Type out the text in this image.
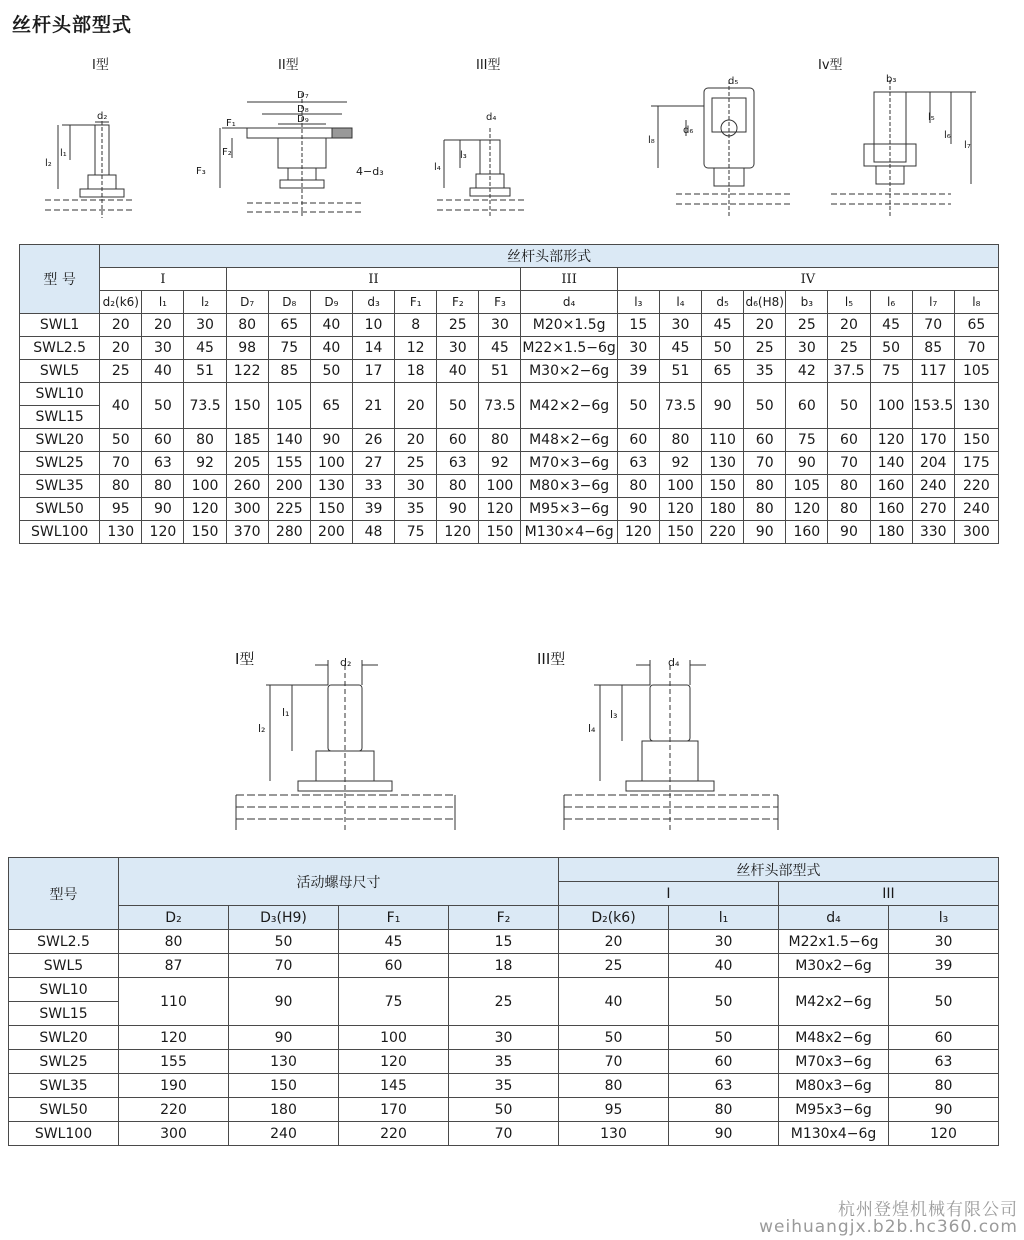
丝杆头部型式
I型	II型	III型	Iv型
d₂
l₁
l₂
D₇
D₈
D₉
F₁
F₂
F₃	4−d₃
d₄
l₃
l₄
d₅
d₆
l₈
b₃
l₅
l₆
l₇
型 号	丝杆头部形式																			
	I			II							III	IV								
	d₂(k6)	l₁	l₂	D₇	D₈	D₉	d₃	F₁	F₂	F₃	d₄	l₃	l₄	d₅	d₆(H8)	b₃	l₅	l₆	l₇	l₈
SWL1	20	20	30	80	65	40	10	8	25	30	M20×1.5g	15	30	45	20	25	20	45	70	65
SWL2.5	20	30	45	98	75	40	14	12	30	45	M22×1.5−6g	30	45	50	25	30	25	50	85	70
SWL5	25	40	51	122	85	50	17	18	40	51	M30×2−6g	39	51	65	35	42	37.5	75	117	105
SWL10	40	50	73.5	150	105	65	21	20	50	73.5	M42×2−6g	50	73.5	90	50	60	50	100	153.5	130
SWL15																				
SWL20	50	60	80	185	140	90	26	20	60	80	M48×2−6g	60	80	110	60	75	60	120	170	150
SWL25	70	63	92	205	155	100	27	25	63	92	M70×3−6g	63	92	130	70	90	70	140	204	175
SWL35	80	80	100	260	200	130	33	30	80	100	M80×3−6g	80	100	150	80	105	80	160	240	220
SWL50	95	90	120	300	225	150	39	35	90	120	M95×3−6g	90	120	180	80	120	80	160	270	240
SWL100	130	120	150	370	280	200	48	75	120	150	M130×4−6g	120	150	220	90	160	90	180	330	300
I型	III型
d₂
l₁
l₂
d₄
l₃
l₄
型号	活动螺母尺寸				丝杆头部型式			
					I		III	
	D₂	D₃(H9)	F₁	F₂	D₂(k6)	l₁	d₄	l₃
SWL2.5	80	50	45	15	20	30	M22x1.5−6g	30
SWL5	87	70	60	18	25	40	M30x2−6g	39
SWL10	110	90	75	25	40	50	M42x2−6g	50
SWL15								
SWL20	120	90	100	30	50	50	M48x2−6g	60
SWL25	155	130	120	35	70	60	M70x3−6g	63
SWL35	190	150	145	35	80	63	M80x3−6g	80
SWL50	220	180	170	50	95	80	M95x3−6g	90
SWL100	300	240	220	70	130	90	M130x4−6g	120
杭州登煌机械有限公司
weihuangjx.b2b.hc360.com
